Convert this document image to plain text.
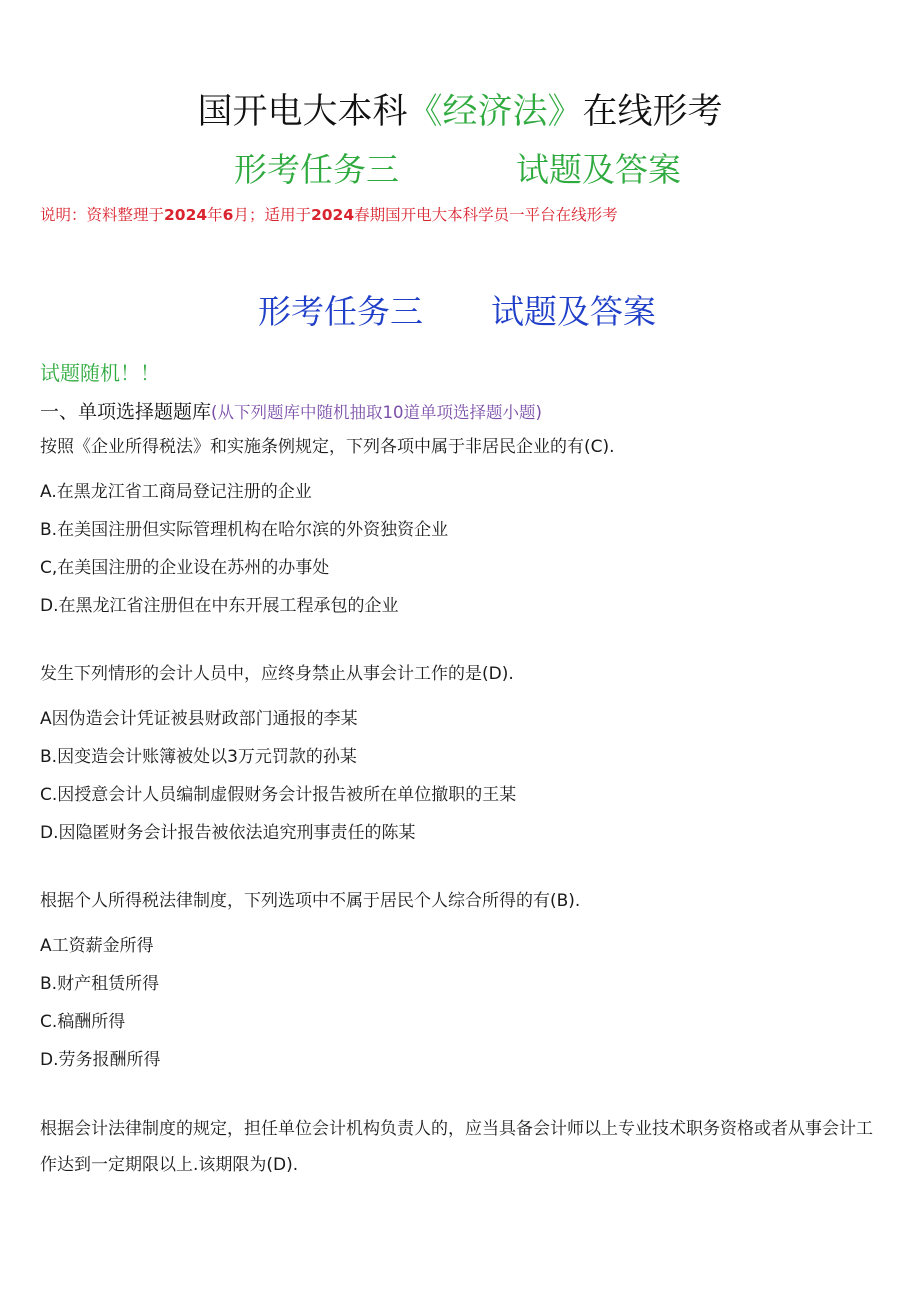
国开电大本科《经济法》在线形考
形考任务三	试题及答案
说明：资料整理于2024年6月；适用于2024春期国开电大本科学员一平台在线形考
形考任务三 试题及答案
试题随机！！
一、单项选择题题库(从下列题库中随机抽取10道单项选择题小题)
按照《企业所得税法》和实施条例规定，下列各项中属于非居民企业的有(C).
A.在黑龙江省工商局登记注册的企业
B.在美国注册但实际管理机构在哈尔滨的外资独资企业
C,在美国注册的企业设在苏州的办事处
D.在黑龙江省注册但在中东开展工程承包的企业
发生下列情形的会计人员中，应终身禁止从事会计工作的是(D).
A因伪造会计凭证被县财政部门通报的李某
B.因变造会计账簿被处以3万元罚款的孙某
C.因授意会计人员编制虚假财务会计报告被所在单位撤职的王某
D.因隐匿财务会计报告被依法追究刑事责任的陈某
根据个人所得税法律制度，下列选项中不属于居民个人综合所得的有(B).
A工资薪金所得
B.财产租赁所得
C.稿酬所得
D.劳务报酬所得
根据会计法律制度的规定，担任单位会计机构负责人的，应当具备会计师以上专业技术职务资格或者从事会计工作达到一定期限以上.该期限为(D).
